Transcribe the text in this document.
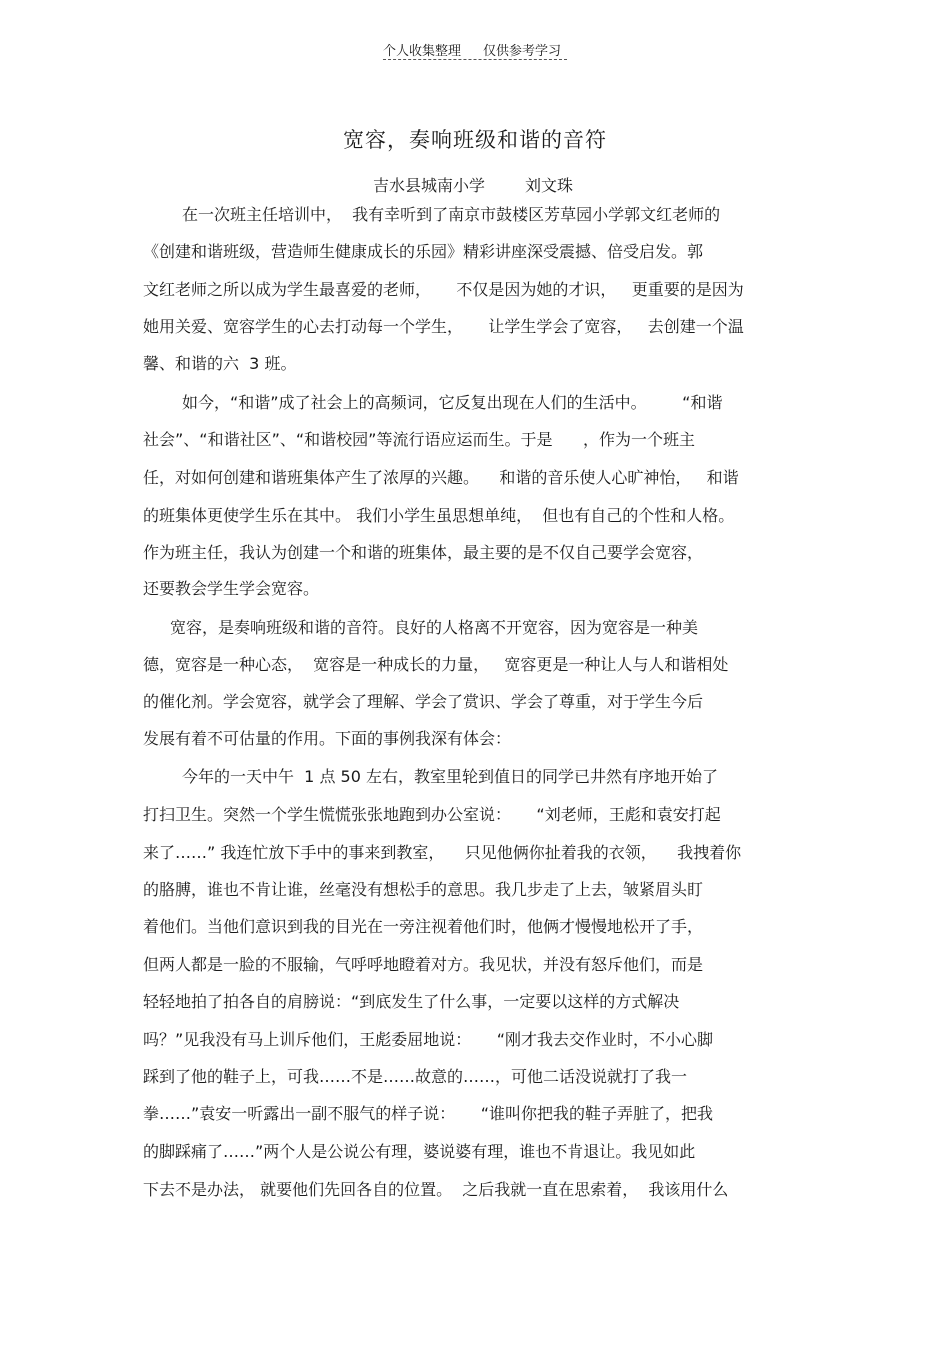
个人收集整理 仅供参考学习
宽容，奏响班级和谐的音符
吉水县城南小学	刘文珠
在一次班主任培训中，  我有幸听到了南京市鼓楼区芳草园小学郭文红老师的
《创建和谐班级，营造师生健康成长的乐园》精彩讲座深受震撼、倍受启发。郭
文红老师之所以成为学生最喜爱的老师，     不仅是因为她的才识，   更重要的是因为
她用关爱、宽容学生的心去打动每一个学生，     让学生学会了宽容，   去创建一个温
馨、和谐的六  3 班。
如今，“和谐”成了社会上的高频词，它反复出现在人们的生活中。       “和谐
社会”、“和谐社区”、“和谐校园”等流行语应运而生。于是      ，作为一个班主
任，对如何创建和谐班集体产生了浓厚的兴趣。    和谐的音乐使人心旷神怡，   和谐
的班集体更使学生乐在其中。 我们小学生虽思想单纯，  但也有自己的个性和人格。
作为班主任，我认为创建一个和谐的班集体，最主要的是不仅自己要学会宽容，
还要教会学生学会宽容。
宽容，是奏响班级和谐的音符。良好的人格离不开宽容，因为宽容是一种美
德，宽容是一种心态，  宽容是一种成长的力量，   宽容更是一种让人与人和谐相处
的催化剂。学会宽容，就学会了理解、学会了赏识、学会了尊重，对于学生今后
发展有着不可估量的作用。下面的事例我深有体会：
今年的一天中午  1 点 50 左右，教室里轮到值日的同学已井然有序地开始了
打扫卫生。突然一个学生慌慌张张地跑到办公室说：     “刘老师，王彪和袁安打起
来了……” 我连忙放下手中的事来到教室，    只见他俩你扯着我的衣领，    我拽着你
的胳膊，谁也不肯让谁，丝毫没有想松手的意思。我几步走了上去，皱紧眉头盯
着他们。当他们意识到我的目光在一旁注视着他们时，他俩才慢慢地松开了手，
但两人都是一脸的不服输，气呼呼地瞪着对方。我见状，并没有怒斥他们，而是
轻轻地拍了拍各自的肩膀说：“到底发生了什么事，一定要以这样的方式解决
吗？”见我没有马上训斥他们，王彪委屈地说：     “刚才我去交作业时，不小心脚
踩到了他的鞋子上，可我……不是……故意的……，可他二话没说就打了我一
拳……”袁安一听露出一副不服气的样子说：     “谁叫你把我的鞋子弄脏了，把我
的脚踩痛了……”两个人是公说公有理，婆说婆有理，谁也不肯退让。我见如此
下去不是办法， 就要他们先回各自的位置。  之后我就一直在思索着，  我该用什么
